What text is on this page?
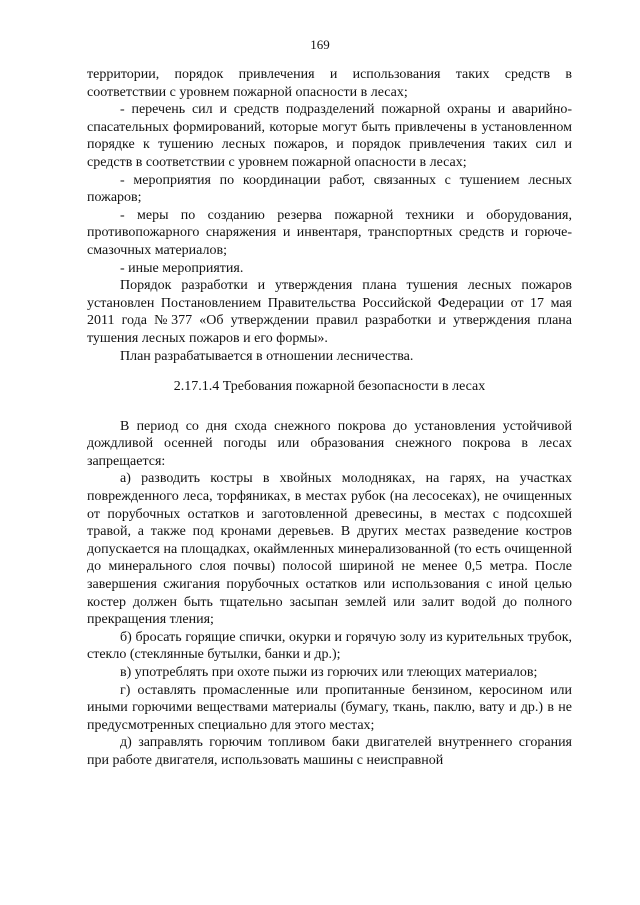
169

территории, порядок привлечения и использования таких средств в соответствии с уровнем пожарной опасности в лесах;

- перечень сил и средств подразделений пожарной охраны и аварийно-спасательных формирований, которые могут быть привлечены в установленном порядке к тушению лесных пожаров, и порядок привлечения таких сил и средств в соответствии с уровнем пожарной опасности в лесах;

- мероприятия по координации работ, связанных с тушением лесных пожаров;

- меры по созданию резерва пожарной техники и оборудования, противопожарного снаряжения и инвентаря, транспортных средств и горюче-смазочных материалов;

- иные мероприятия.

Порядок разработки и утверждения плана тушения лесных пожаров установлен Постановлением Правительства Российской Федерации от 17 мая 2011 года №377 «Об утверждении правил разработки и утверждения плана тушения лесных пожаров и его формы».

План разрабатывается в отношении лесничества.

2.17.1.4 Требования пожарной безопасности в лесах

В период со дня схода снежного покрова до установления устойчивой дождливой осенней погоды или образования снежного покрова в лесах запрещается:

а) разводить костры в хвойных молодняках, на гарях, на участках поврежденного леса, торфяниках, в местах рубок (на лесосеках), не очищенных от порубочных остатков и заготовленной древесины, в местах с подсохшей травой, а также под кронами деревьев. В других местах разведение костров допускается на площадках, окаймленных минерализованной (то есть очищенной до минерального слоя почвы) полосой шириной не менее 0,5 метра. После завершения сжигания порубочных остатков или использования с иной целью костер должен быть тщательно засыпан землей или залит водой до полного прекращения тления;

б) бросать горящие спички, окурки и горячую золу из курительных трубок, стекло (стеклянные бутылки, банки и др.);

в) употреблять при охоте пыжи из горючих или тлеющих материалов;

г) оставлять промасленные или пропитанные бензином, керосином или иными горючими веществами материалы (бумагу, ткань, паклю, вату и др.) в не предусмотренных специально для этого местах;

д) заправлять горючим топливом баки двигателей внутреннего сгорания при работе двигателя, использовать машины с неисправной
